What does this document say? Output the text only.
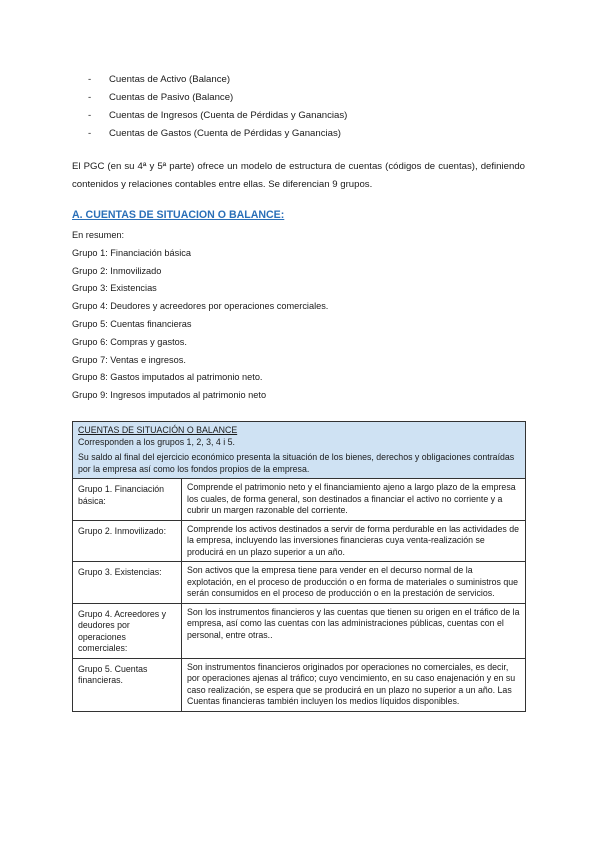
- Cuentas de Activo (Balance)
- Cuentas de Pasivo (Balance)
- Cuentas de Ingresos (Cuenta de Pérdidas y Ganancias)
- Cuentas de Gastos (Cuenta de Pérdidas y Ganancias)

El PGC (en su 4ª y 5ª parte) ofrece un modelo de estructura de cuentas (códigos de cuentas), definiendo contenidos y relaciones contables entre ellas. Se diferencian 9 grupos.

A. CUENTAS DE SITUACION O BALANCE:
En resumen:
Grupo 1: Financiación básica
Grupo 2: Inmovilizado
Grupo 3: Existencias
Grupo 4: Deudores y acreedores por operaciones comerciales.
Grupo 5: Cuentas financieras
Grupo 6: Compras y gastos.
Grupo 7: Ventas e ingresos.
Grupo 8: Gastos imputados al patrimonio neto.
Grupo 9: Ingresos imputados al patrimonio neto
CUENTAS DE SITUACIÓN O BALANCE
Corresponden a los grupos 1, 2, 3, 4 i 5.
Su saldo al final del ejercicio económico presenta la situación de los bienes, derechos y obligaciones contraídas por la empresa así como los fondos propios de la empresa.	

Grupo 1. Financiación básica:	Comprende el patrimonio neto y el financiamiento ajeno a largo plazo de la empresa los cuales, de forma general, son destinados a financiar el activo no corriente y a cubrir un margen razonable del corriente.

Grupo 2. Inmovilizado:	Comprende los activos destinados a servir de forma perdurable en las actividades de la empresa, incluyendo las inversiones financieras cuya venta-realización se producirá en un plazo superior a un año.

Grupo 3. Existencias:	Son activos que la empresa tiene para vender en el decurso normal de la explotación, en el proceso de producción o en forma de materiales o suministros que serán consumidos en el proceso de producción o en la prestación de servicios.

Grupo 4. Acreedores y deudores por operaciones comerciales:	Son los instrumentos financieros y las cuentas que tienen su origen en el tráfico de la empresa, así como las cuentas con las administraciones públicas, cuentas con el personal, entre otras..

Grupo 5. Cuentas financieras.	Son instrumentos financieros originados por operaciones no comerciales, es decir, por operaciones ajenas al tráfico; cuyo vencimiento, en su caso enajenación y en su caso realización, se espera que se producirá en un plazo no superior a un año. Las Cuentas financieras también incluyen los medios líquidos disponibles.
